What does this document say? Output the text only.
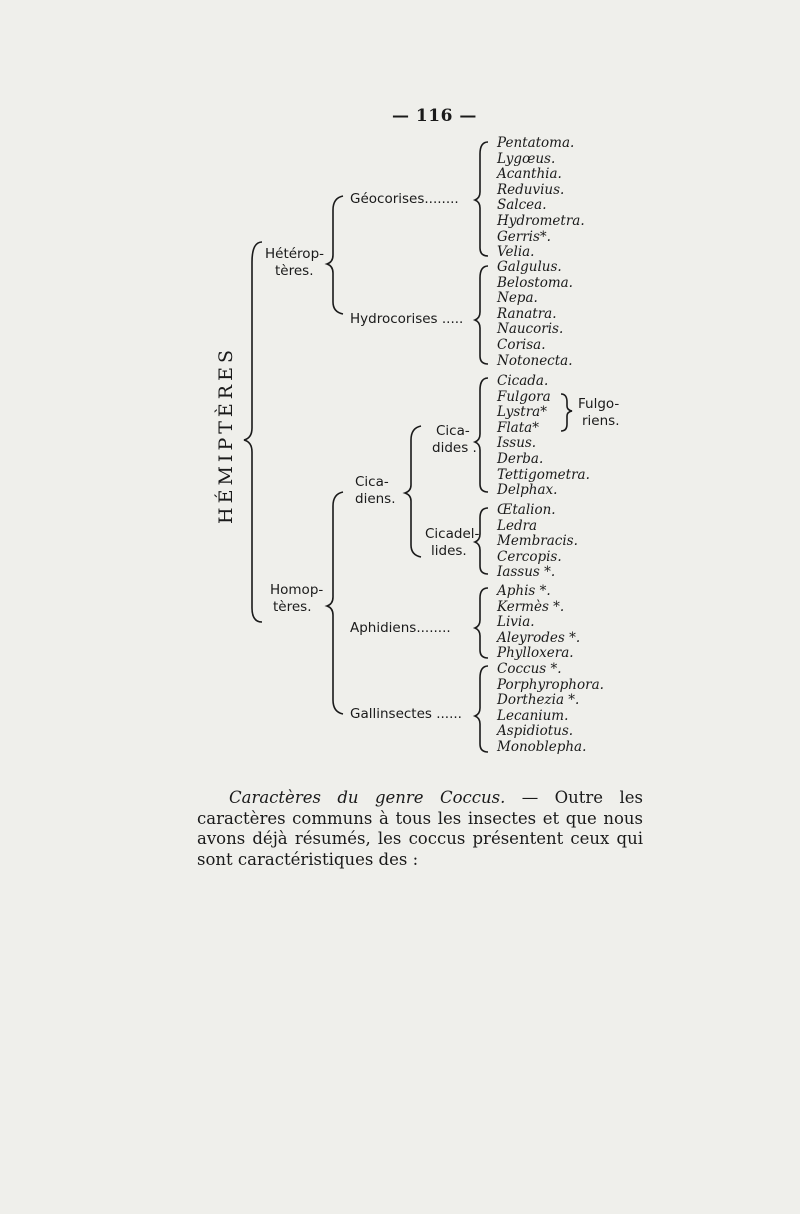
— 116 —
HÉMIPTÈRES
Hétérop-
tères.
Homop-
tères.
Géocorises........
Hydrocorises .....
Cica-
diens.
Aphidiens........
Gallinsectes ......
Cica-
dides .
Cicadel-
lides.
Fulgo-
riens.
Pentatoma.
Lygœus.
Acanthia.
Reduvius.
Salcea.
Hydrometra.
Gerris*.
Velia.
Galgulus.
Belostoma.
Nepa.
Ranatra.
Naucoris.
Corisa.
Notonecta.
Cicada.
Fulgora
Lystra*
Flata*
Issus.
Derba.
Tettigometra.
Delphax.
Œtalion.
Ledra
Membracis.
Cercopis.
Iassus *.
Aphis *.
Kermès *.
Livia.
Aleyrodes *.
Phylloxera.
Coccus *.
Porphyrophora.
Dorthezia *.
Lecanium.
Aspidiotus.
Monoblepha.
Caractères du genre Coccus. — Outre les caractères communs à tous les insectes et que nous avons déjà résumés, les coccus présentent ceux qui sont caractéristiques des :
